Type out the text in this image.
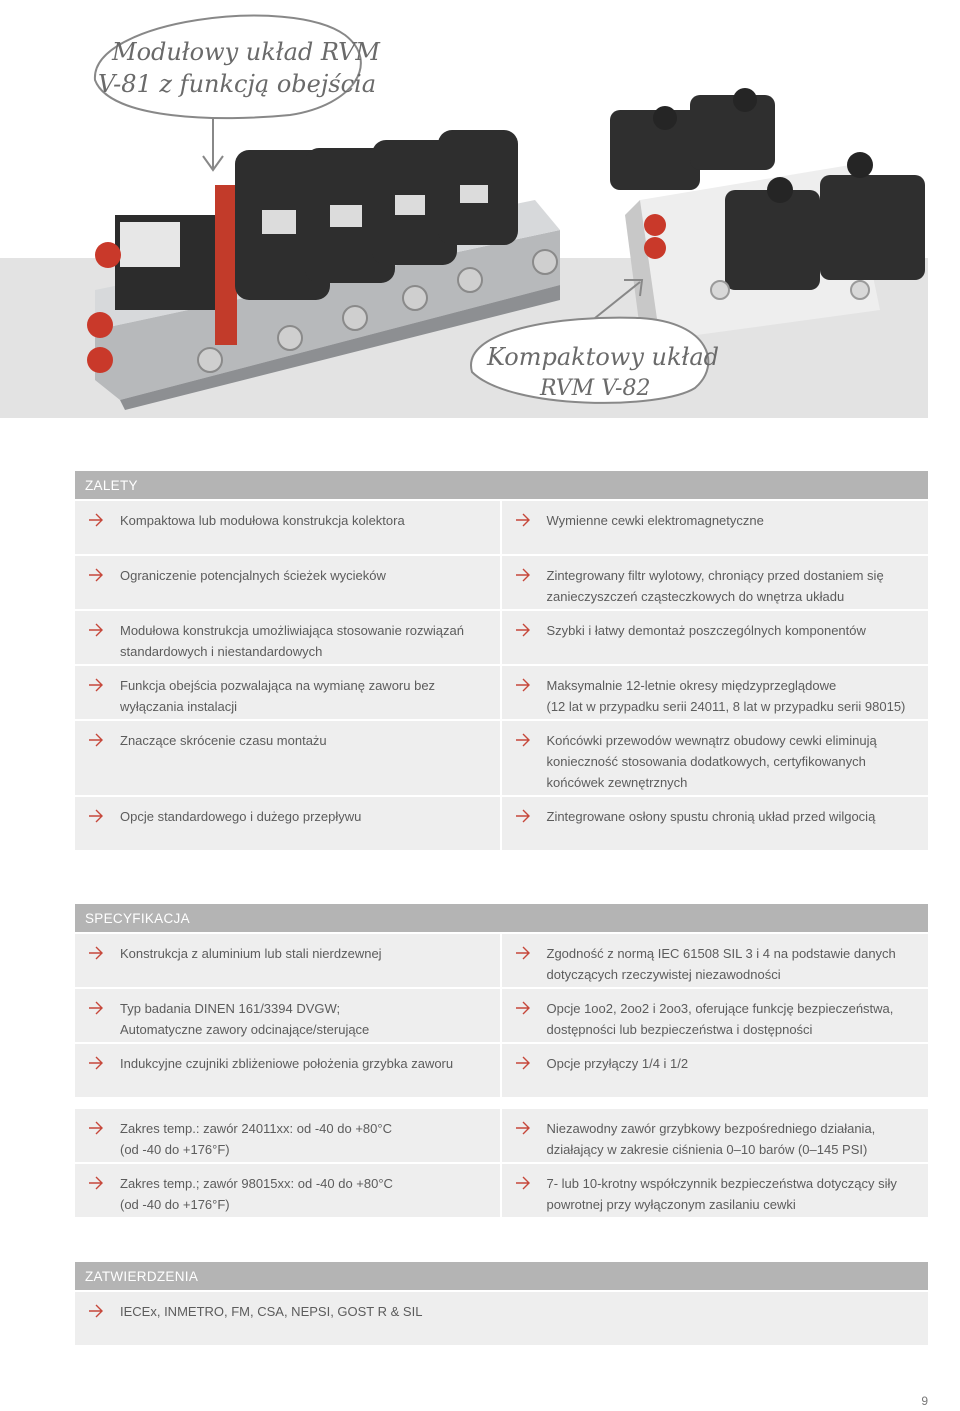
Modułowy układ RVM
V-81 z funkcją obejścia
Kompaktowy układ
RVM V-82
ZALETY
Kompaktowa lub modułowa konstrukcja kolektora
Ograniczenie potencjalnych ścieżek wycieków
Modułowa konstrukcja umożliwiająca stosowanie rozwiązań
standardowych i niestandardowych
Funkcja obejścia pozwalająca na wymianę zaworu bez
wyłączania instalacji
Znaczące skrócenie czasu montażu
Opcje standardowego i dużego przepływu
Wymienne cewki elektromagnetyczne
Zintegrowany filtr wylotowy, chroniący przed dostaniem się
zanieczyszczeń cząsteczkowych do wnętrza układu
Szybki i łatwy demontaż poszczególnych komponentów
Maksymalnie 12-letnie okresy międzyprzeglądowe
(12 lat w przypadku serii 24011, 8 lat w przypadku serii 98015)
Końcówki przewodów wewnątrz obudowy cewki eliminują
konieczność stosowania dodatkowych, certyfikowanych
końcówek zewnętrznych
Zintegrowane osłony spustu chronią układ przed wilgocią
SPECYFIKACJA
Konstrukcja z aluminium lub stali nierdzewnej
Typ badania DINEN 161/3394 DVGW;
Automatyczne zawory odcinające/sterujące
Indukcyjne czujniki zbliżeniowe położenia grzybka zaworu
Zakres temp.: zawór 24011xx: od -40 do +80°C
(od -40 do +176°F)
Zakres temp.; zawór 98015xx: od -40 do +80°C
(od -40 do +176°F)
Zgodność z normą IEC 61508 SIL 3 i 4 na podstawie danych
dotyczących rzeczywistej niezawodności
Opcje 1oo2, 2oo2 i 2oo3, oferujące funkcję bezpieczeństwa,
dostępności lub bezpieczeństwa i dostępności
Opcje przyłączy 1/4 i 1/2
Niezawodny zawór grzybkowy bezpośredniego działania,
działający w zakresie ciśnienia 0–10 barów (0–145 PSI)
7- lub 10-krotny współczynnik bezpieczeństwa dotyczący siły
powrotnej przy wyłączonym zasilaniu cewki
ZATWIERDZENIA
IECEx, INMETRO, FM, CSA, NEPSI, GOST R & SIL
9
